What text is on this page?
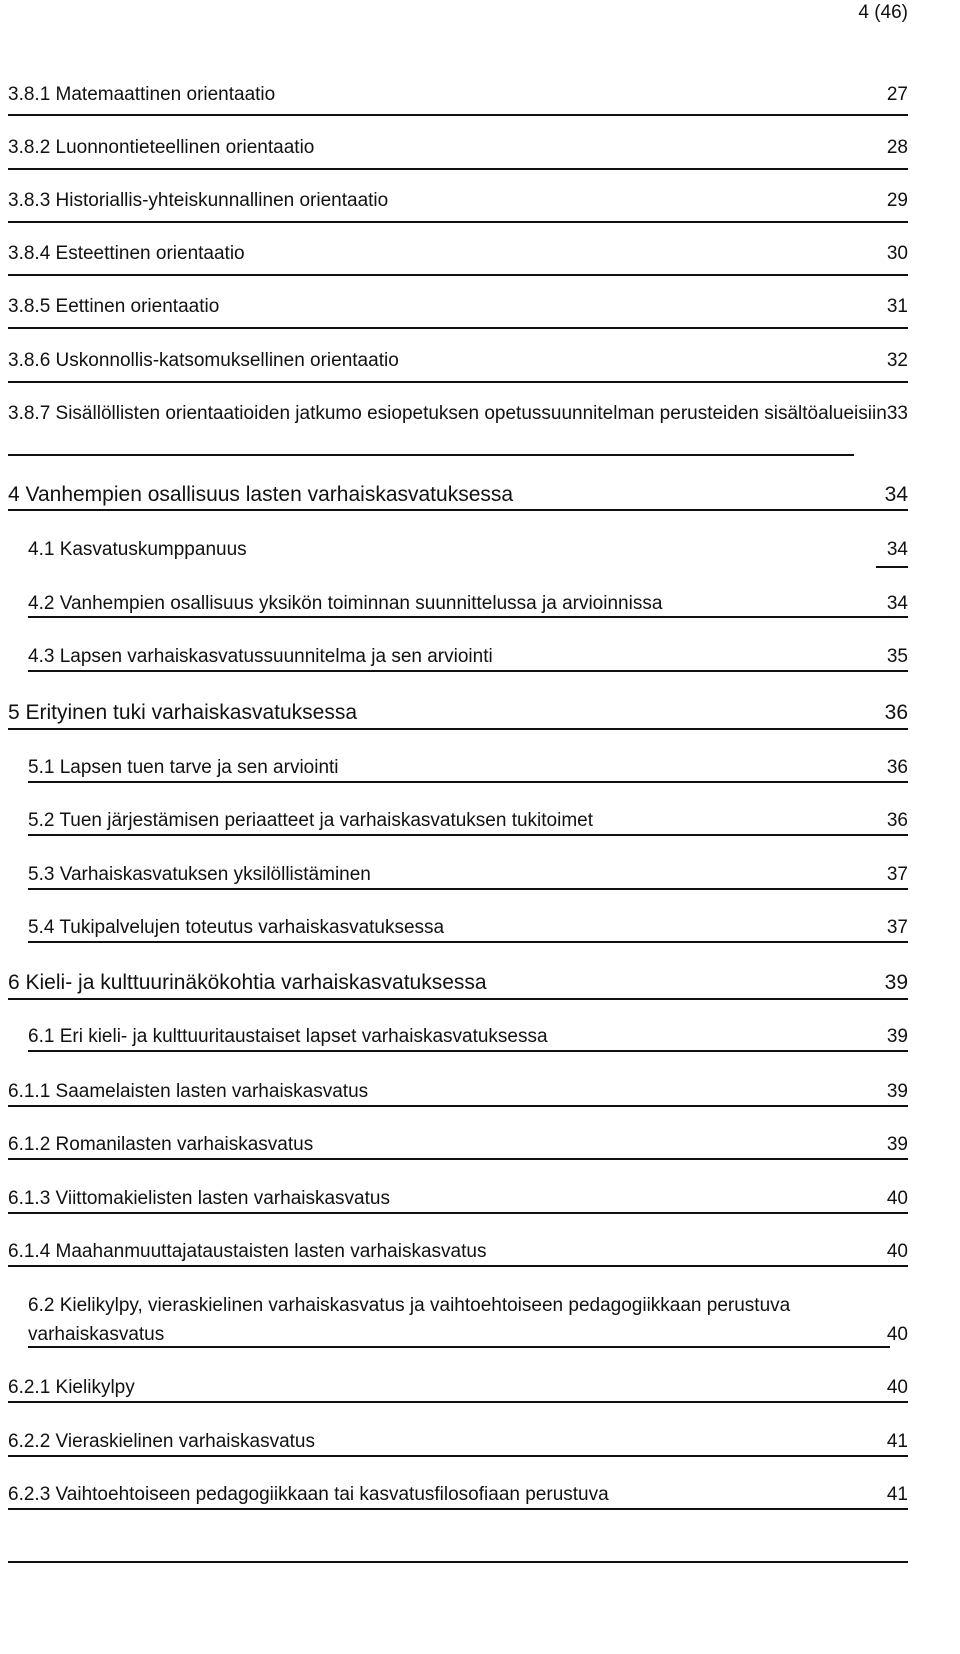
4 (46)
3.8.1 Matemaattinen orientaatio	27
3.8.2 Luonnontieteellinen orientaatio	28
3.8.3 Historiallis-yhteiskunnallinen orientaatio	29
3.8.4 Esteettinen orientaatio	30
3.8.5 Eettinen orientaatio	31
3.8.6 Uskonnollis-katsomuksellinen orientaatio	32
3.8.7 Sisällöllisten orientaatioiden jatkumo esiopetuksen opetussuunnitelman perusteiden sisältöalueisiin 33
4 Vanhempien osallisuus lasten varhaiskasvatuksessa	34
4.1 Kasvatuskumppanuus	34
4.2 Vanhempien osallisuus yksikön toiminnan suunnittelussa ja arvioinnissa	34
4.3 Lapsen varhaiskasvatussuunnitelma ja sen arviointi	35
5 Erityinen tuki varhaiskasvatuksessa	36
5.1 Lapsen tuen tarve ja sen arviointi	36
5.2 Tuen järjestämisen periaatteet ja varhaiskasvatuksen tukitoimet	36
5.3 Varhaiskasvatuksen yksilöllistäminen	37
5.4 Tukipalvelujen toteutus varhaiskasvatuksessa	37
6 Kieli- ja kulttuurinäkökohtia varhaiskasvatuksessa	39
6.1 Eri kieli- ja kulttuuritaustaiset lapset varhaiskasvatuksessa	39
6.1.1 Saamelaisten lasten varhaiskasvatus	39
6.1.2 Romanilasten varhaiskasvatus	39
6.1.3 Viittomakielisten lasten varhaiskasvatus	40
6.1.4 Maahanmuuttajataustaisten lasten varhaiskasvatus	40
6.2 Kielikylpy, vieraskielinen varhaiskasvatus ja vaihtoehtoiseen pedagogiikkaan perustuva varhaiskasvatus	40
6.2.1 Kielikylpy	40
6.2.2 Vieraskielinen varhaiskasvatus	41
6.2.3 Vaihtoehtoiseen pedagogiikkaan tai kasvatusfilosofiaan perustuva	41
